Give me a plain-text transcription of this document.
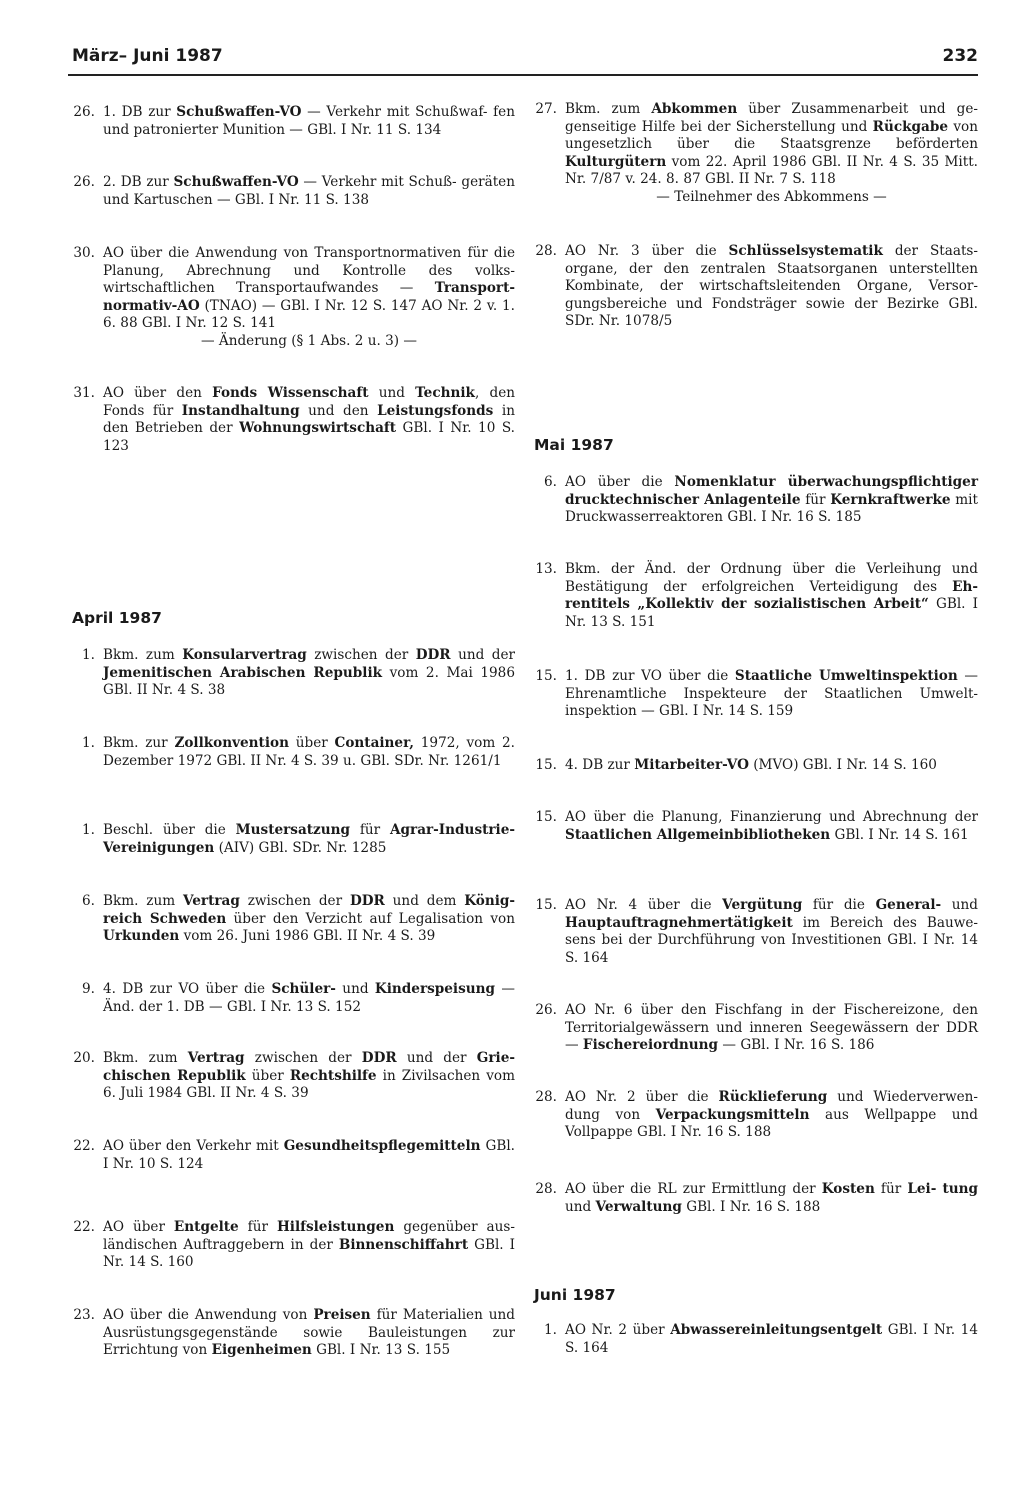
März– Juni 1987	232
26. 1. DB zur Schußwaffen-VO — Verkehr mit Schußwaf- fen und patronierter Munition — GBl. I Nr. 11 S. 134
26. 2. DB zur Schußwaffen-VO — Verkehr mit Schuß- geräten und Kartuschen — GBl. I Nr. 11 S. 138
30. AO über die Anwendung von Transportnormativen für die Planung, Abrechnung und Kontrolle des volks- wirtschaftlichen Transportaufwandes — Transport- normativ-AO (TNAO) — GBl. I Nr. 12 S. 147 AO Nr. 2 v. 1. 6. 88 GBl. I Nr. 12 S. 141
— Änderung (§ 1 Abs. 2 u. 3) —
31. AO über den Fonds Wissenschaft und Technik, den Fonds für Instandhaltung und den Leistungsfonds in den Betrieben der Wohnungswirtschaft GBl. I Nr. 10 S. 123
April 1987
1. Bkm. zum Konsularvertrag zwischen der DDR und der Jemenitischen Arabischen Republik vom 2. Mai 1986 GBl. II Nr. 4 S. 38
1. Bkm. zur Zollkonvention über Container, 1972, vom 2. Dezember 1972 GBl. II Nr. 4 S. 39 u. GBl. SDr. Nr. 1261/1
1. Beschl. über die Mustersatzung für Agrar-Industrie- Vereinigungen (AIV) GBl. SDr. Nr. 1285
6. Bkm. zum Vertrag zwischen der DDR und dem König- reich Schweden über den Verzicht auf Legalisation von Urkunden vom 26. Juni 1986 GBl. II Nr. 4 S. 39
9. 4. DB zur VO über die Schüler- und Kinderspeisung — Änd. der 1. DB — GBl. I Nr. 13 S. 152
20. Bkm. zum Vertrag zwischen der DDR und der Grie- chischen Republik über Rechtshilfe in Zivilsachen vom 6. Juli 1984 GBl. II Nr. 4 S. 39
22. AO über den Verkehr mit Gesundheitspflegemitteln GBl. I Nr. 10 S. 124
22. AO über Entgelte für Hilfsleistungen gegenüber aus- ländischen Auftraggebern in der Binnenschiffahrt GBl. I Nr. 14 S. 160
23. AO über die Anwendung von Preisen für Materialien und Ausrüstungsgegenstände sowie Bauleistungen zur Errichtung von Eigenheimen GBl. I Nr. 13 S. 155
27. Bkm. zum Abkommen über Zusammenarbeit und ge- genseitige Hilfe bei der Sicherstellung und Rückgabe von ungesetzlich über die Staatsgrenze beförderten Kulturgütern vom 22. April 1986 GBl. II Nr. 4 S. 35 Mitt. Nr. 7/87 v. 24. 8. 87 GBl. II Nr. 7 S. 118
— Teilnehmer des Abkommens —
28. AO Nr. 3 über die Schlüsselsystematik der Staats- organe, der den zentralen Staatsorganen unterstellten Kombinate, der wirtschaftsleitenden Organe, Versor- gungsbereiche und Fondsträger sowie der Bezirke GBl. SDr. Nr. 1078/5
Mai 1987
6. AO über die Nomenklatur überwachungspflichtiger drucktechnischer Anlagenteile für Kernkraftwerke mit Druckwasserreaktoren GBl. I Nr. 16 S. 185
13. Bkm. der Änd. der Ordnung über die Verleihung und Bestätigung der erfolgreichen Verteidigung des Eh- rentitels „Kollektiv der sozialistischen Arbeit“ GBl. I Nr. 13 S. 151
15. 1. DB zur VO über die Staatliche Umweltinspektion — Ehrenamtliche Inspekteure der Staatlichen Umwelt- inspektion — GBl. I Nr. 14 S. 159
15. 4. DB zur Mitarbeiter-VO (MVO) GBl. I Nr. 14 S. 160
15. AO über die Planung, Finanzierung und Abrechnung der Staatlichen Allgemeinbibliotheken GBl. I Nr. 14 S. 161
15. AO Nr. 4 über die Vergütung für die General- und Hauptauftragnehmertätigkeit im Bereich des Bauwe- sens bei der Durchführung von Investitionen GBl. I Nr. 14 S. 164
26. AO Nr. 6 über den Fischfang in der Fischereizone, den Territorialgewässern und inneren Seegewässern der DDR — Fischereiordnung — GBl. I Nr. 16 S. 186
28. AO Nr. 2 über die Rücklieferung und Wiederverwen- dung von Verpackungsmitteln aus Wellpappe und Vollpappe GBl. I Nr. 16 S. 188
28. AO über die RL zur Ermittlung der Kosten für Lei- tung und Verwaltung GBl. I Nr. 16 S. 188
Juni 1987
1. AO Nr. 2 über Abwassereinleitungsentgelt GBl. I Nr. 14 S. 164
